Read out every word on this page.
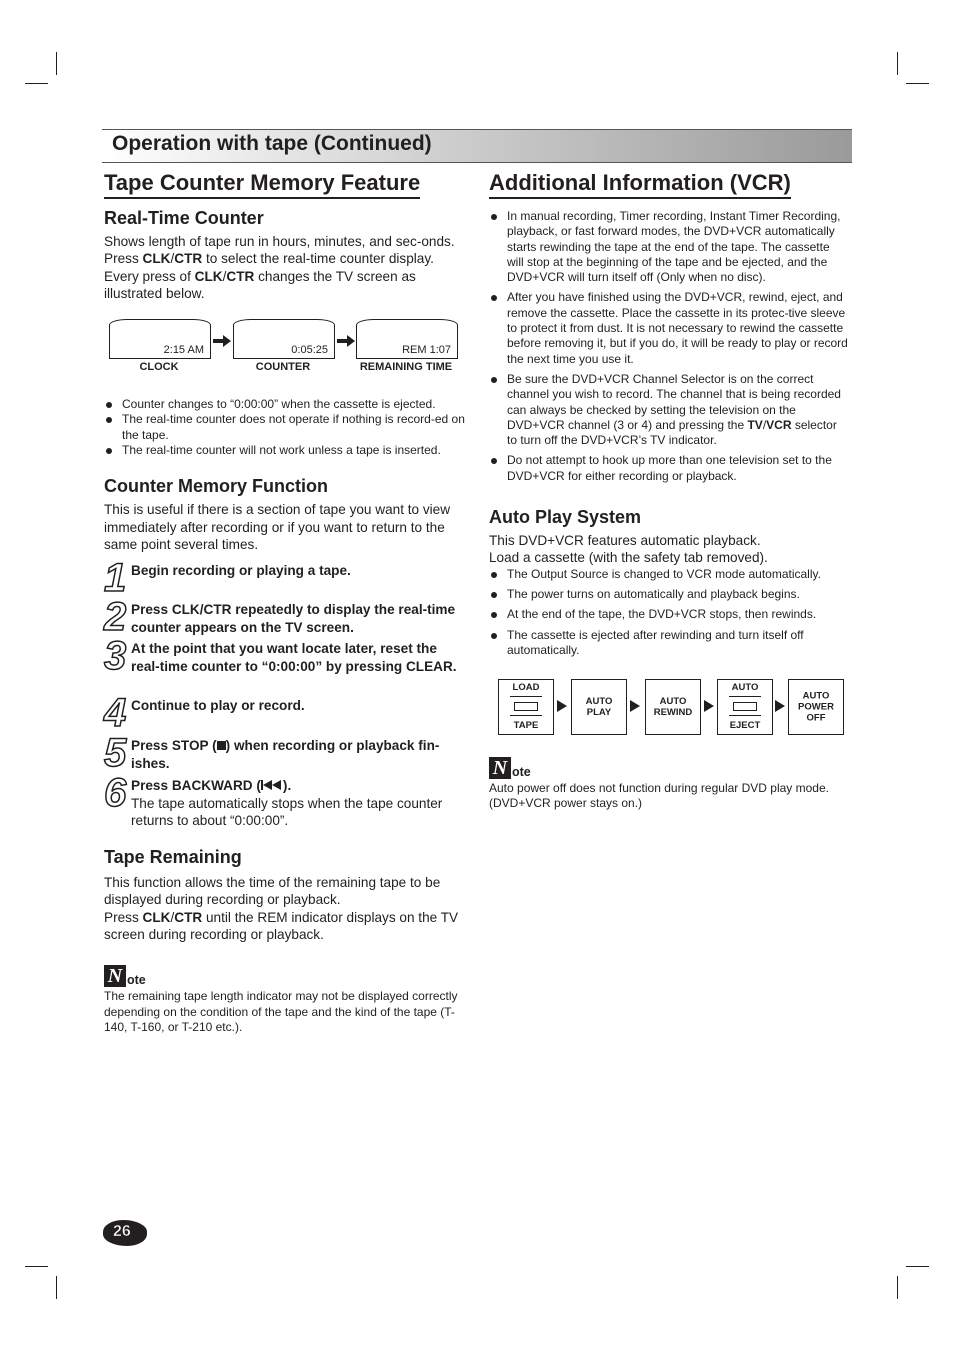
Operation with tape (Continued)
Tape Counter Memory Feature
Real-Time Counter

Shows length of tape run in hours, minutes, and sec-onds. Press CLK/CTR to select the real-time counter display.

Every press of CLK/CTR changes the TV screen as illustrated below.

2:15 AM	0:05:25	REM 1:07
CLOCK	COUNTER	REMAINING TIME
Counter changes to “0:00:00” when the cassette is ejected.
The real-time counter does not operate if nothing is record-ed on the tape.
The real-time counter will not work unless a tape is inserted.
Counter Memory Function

This is useful if there is a section of tape you want to view immediately after recording or if you want to return to the same point several times.

1 Begin recording or playing a tape.

2 Press CLK/CTR repeatedly to display the real-time counter appears on the TV screen.

3 At the point that you want locate later, reset the real-time counter to “0:00:00” by pressing CLEAR.

4 Continue to play or record.

5 Press STOP ( ) when recording or playback fin-ishes.

6 Press BACKWARD ( ).

The tape automatically stops when the tape counter returns to about “0:00:00”.

Tape Remaining

This function allows the time of the remaining tape to be displayed during recording or playback.

Press CLK/CTR until the REM indicator displays on the TV screen during recording or playback.

N ote
The remaining tape length indicator may not be displayed correctly depending on the condition of the tape and the kind of the tape (T-140, T-160, or T-210 etc.).
Additional Information (VCR)
In manual recording, Timer recording, Instant Timer Recording, playback, or fast forward modes, the DVD+VCR automatically starts rewinding the tape at the end of the tape. The cassette will stop at the beginning of the tape and be ejected, and the DVD+VCR will turn itself off (Only when no disc).
After you have finished using the DVD+VCR, rewind, eject, and remove the cassette. Place the cassette in its protec-tive sleeve to protect it from dust. It is not necessary to rewind the cassette before removing it, but if you do, it will be ready to play or record the next time you use it.
Be sure the DVD+VCR Channel Selector is on the correct channel you wish to record. The channel that is being recorded can always be checked by setting the television on the DVD+VCR channel (3 or 4) and pressing the TV/VCR selector to turn off the DVD+VCR’s TV indicator.
Do not attempt to hook up more than one television set to the DVD+VCR for either recording or playback.
Auto Play System

This DVD+VCR features automatic playback.

Load a cassette (with the safety tab removed).

The Output Source is changed to VCR mode automatically.
The power turns on automatically and playback begins.
At the end of the tape, the DVD+VCR stops, then rewinds.
The cassette is ejected after rewinding and turn itself off automatically.
LOAD
TAPE
AUTO
PLAY
AUTO
REWIND
AUTO
EJECT
AUTO
POWER
OFF
N ote
Auto power off does not function during regular DVD play mode. (DVD+VCR power stays on.)
26
